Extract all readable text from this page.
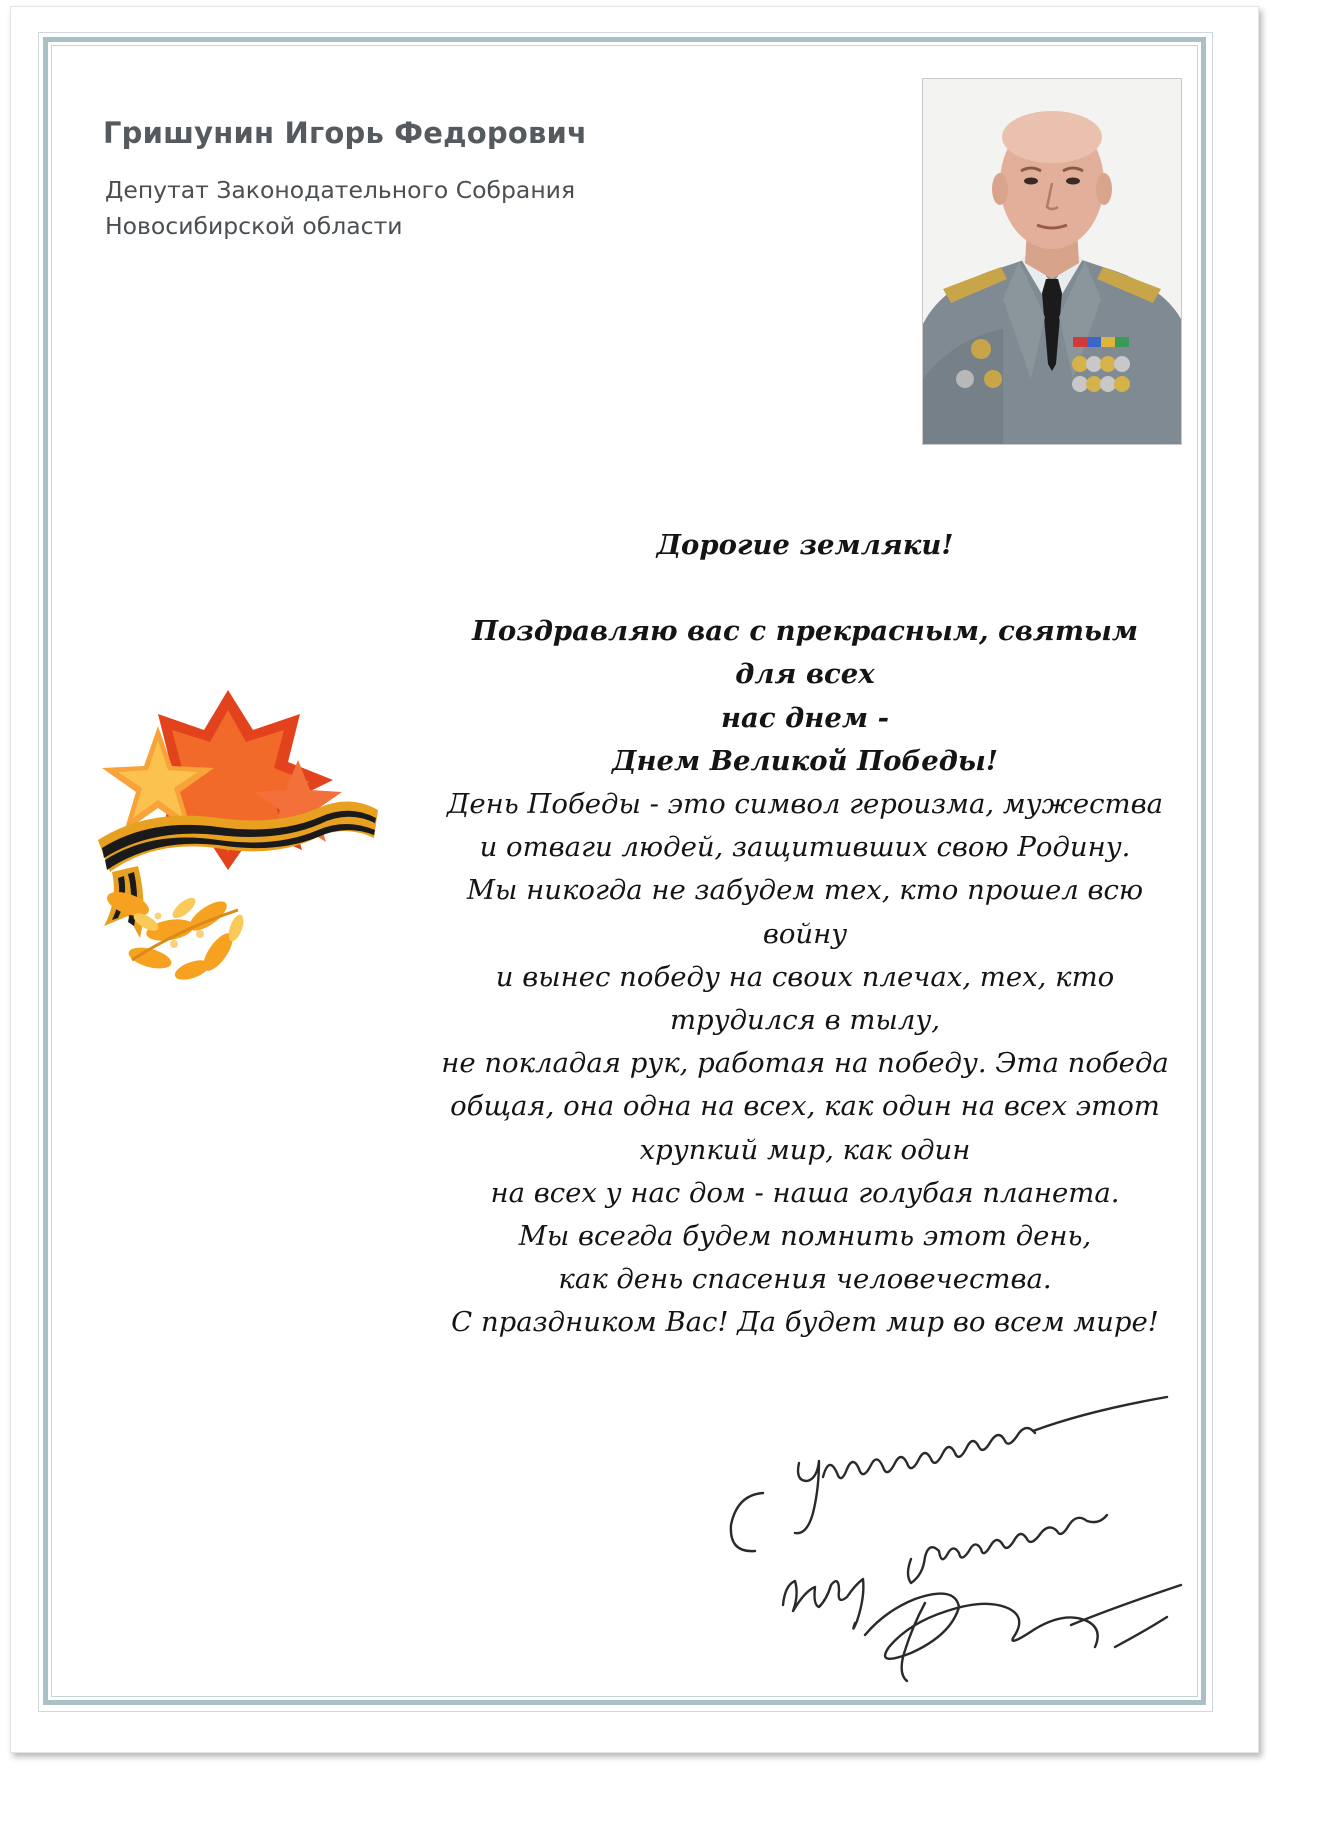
Гришунин Игорь Федорович
Депутат Законодательного Собрания
Новосибирской области

Дорогие земляки!

Поздравляю вас с прекрасным, святым для всех

нас днем -

Днем Великой Победы!

День Победы - это символ героизма, мужества

и отваги людей, защитивших свою Родину.

Мы никогда не забудем тех, кто прошел всю

войну

и вынес победу на своих плечах, тех, кто

трудился в тылу,

не покладая рук, работая на победу. Эта победа

общая, она одна на всех, как один на всех этот

хрупкий мир, как один

на всех у нас дом - наша голубая планета.

Мы всегда будем помнить этот день,

как день спасения человечества.

С праздником Вас! Да будет мир во всем мире!
